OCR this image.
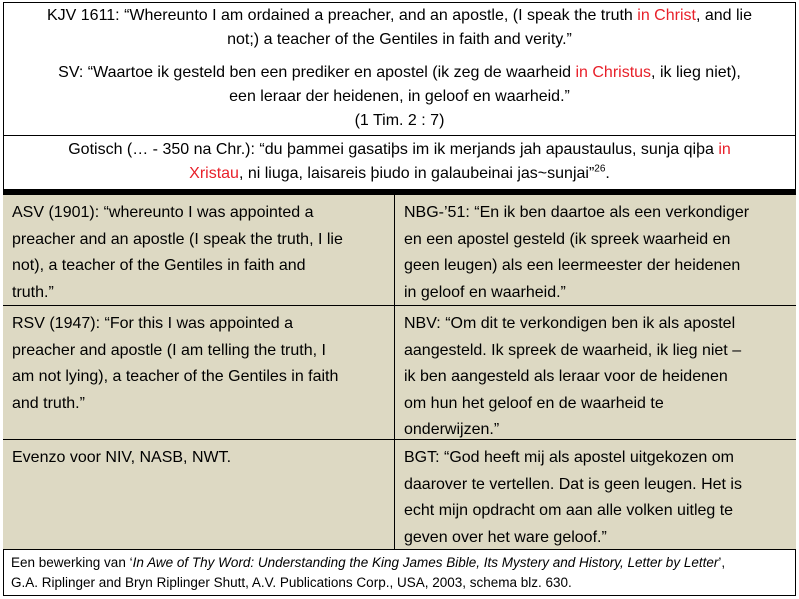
KJV 1611: “Whereunto I am ordained a preacher, and an apostle, (I speak the truth in Christ, and lie
not;) a teacher of the Gentiles in faith and verity.”
SV: “Waartoe ik gesteld ben een prediker en apostel (ik zeg de waarheid in Christus, ik lieg niet),
een leraar der heidenen, in geloof en waarheid.”
(1 Tim. 2 : 7)
Gotisch (… - 350 na Chr.): “du þammei gasatiþs im ik merjands jah apaustaulus, sunja qiþa in
Xristau, ni liuga, laisareis þiudo in galaubeinai jas~sunjai”$^{26}$.
ASV (1901): “whereunto I was appointed a
preacher and an apostle (I speak the truth, I lie
not), a teacher of the Gentiles in faith and
truth.”
NBG-’51: “En ik ben daartoe als een verkondiger
en een apostel gesteld (ik spreek waarheid en
geen leugen) als een leermeester der heidenen
in geloof en waarheid.”
RSV (1947): “For this I was appointed a
preacher and apostle (I am telling the truth, I
am not lying), a teacher of the Gentiles in faith
and truth.”
NBV: “Om dit te verkondigen ben ik als apostel
aangesteld. Ik spreek de waarheid, ik lieg niet –
ik ben aangesteld als leraar voor de heidenen
om hun het geloof en de waarheid te
onderwijzen.”
Evenzo voor NIV, NASB, NWT.	BGT: “God heeft mij als apostel uitgekozen om
daarover te vertellen. Dat is geen leugen. Het is
echt mijn opdracht om aan alle volken uitleg te
geven over het ware geloof.”
Een bewerking van ‘In Awe of Thy Word: Understanding the King James Bible, Its Mystery and History, Letter by Letter’,
G.A. Riplinger and Bryn Riplinger Shutt, A.V. Publications Corp., USA, 2003, schema blz. 630.
